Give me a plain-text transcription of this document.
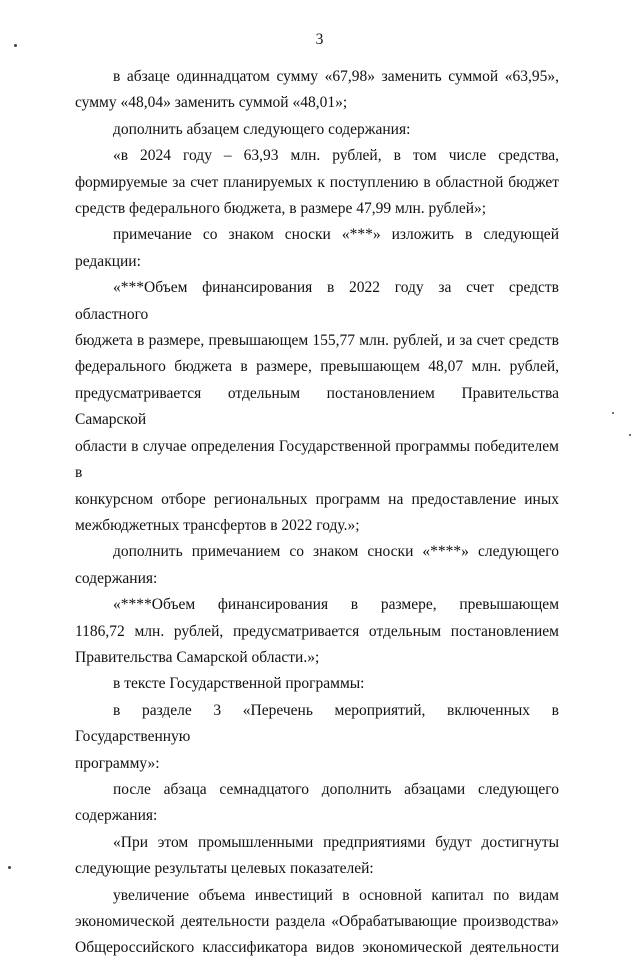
3
в абзаце одиннадцатом сумму «67,98» заменить суммой «63,95»,
сумму «48,04» заменить суммой «48,01»;
дополнить абзацем следующего содержания:
«в 2024 году – 63,93 млн. рублей, в том числе средства,
формируемые за счет планируемых к поступлению в областной бюджет
средств федерального бюджета, в размере 47,99 млн. рублей»;
примечание со знаком сноски «***» изложить в следующей
редакции:
«***Объем финансирования в 2022 году за счет средств областного
бюджета в размере, превышающем 155,77 млн. рублей, и за счет средств
федерального бюджета в размере, превышающем 48,07 млн. рублей,
предусматривается отдельным постановлением Правительства Самарской
области в случае определения Государственной программы победителем в
конкурсном отборе региональных программ на предоставление иных
межбюджетных трансфертов в 2022 году.»;
дополнить примечанием со знаком сноски «****» следующего
содержания:
«****Объем финансирования в размере, превышающем
1186,72 млн. рублей, предусматривается отдельным постановлением
Правительства Самарской области.»;
в тексте Государственной программы:
в разделе 3 «Перечень мероприятий, включенных в Государственную
программу»:
после абзаца семнадцатого дополнить абзацами следующего
содержания:
«При этом промышленными предприятиями будут достигнуты
следующие результаты целевых показателей:
увеличение объема инвестиций в основной капитал по видам
экономической деятельности раздела «Обрабатывающие производства»
Общероссийского классификатора видов экономической деятельности
